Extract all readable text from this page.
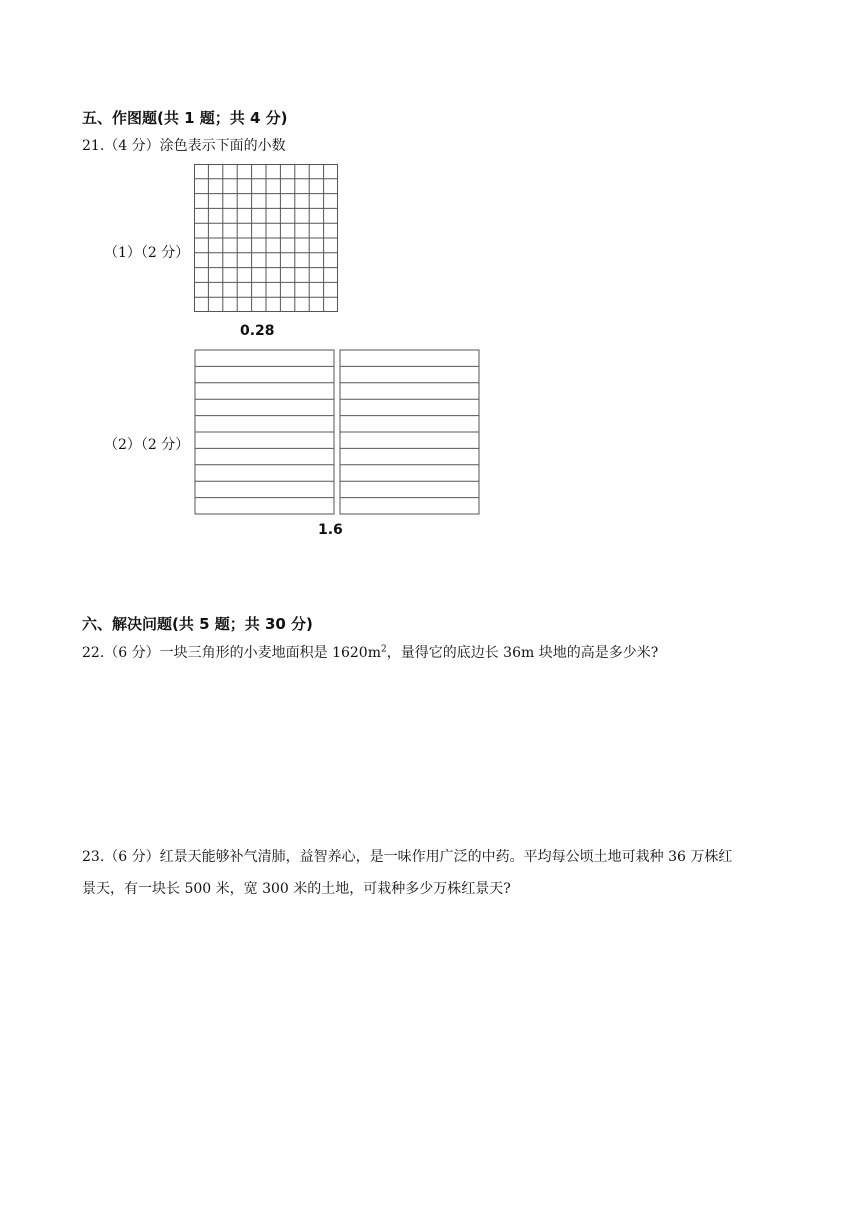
五、作图题(共 1 题；共 4 分)
21.（4 分）涂色表示下面的小数
（1）（2 分）
0.28
（2）（2 分）
1.6
六、解决问题(共 5 题；共 30 分)
22.（6 分）一块三角形的小麦地面积是 $1620m^2$，量得它的底边长 36m 块地的高是多少米?
23.（6 分）红景天能够补气清肺，益智养心，是一味作用广泛的中药。平均每公顷土地可栽种 36 万株红
景天，有一块长 500 米，宽 300 米的土地，可栽种多少万株红景天?
